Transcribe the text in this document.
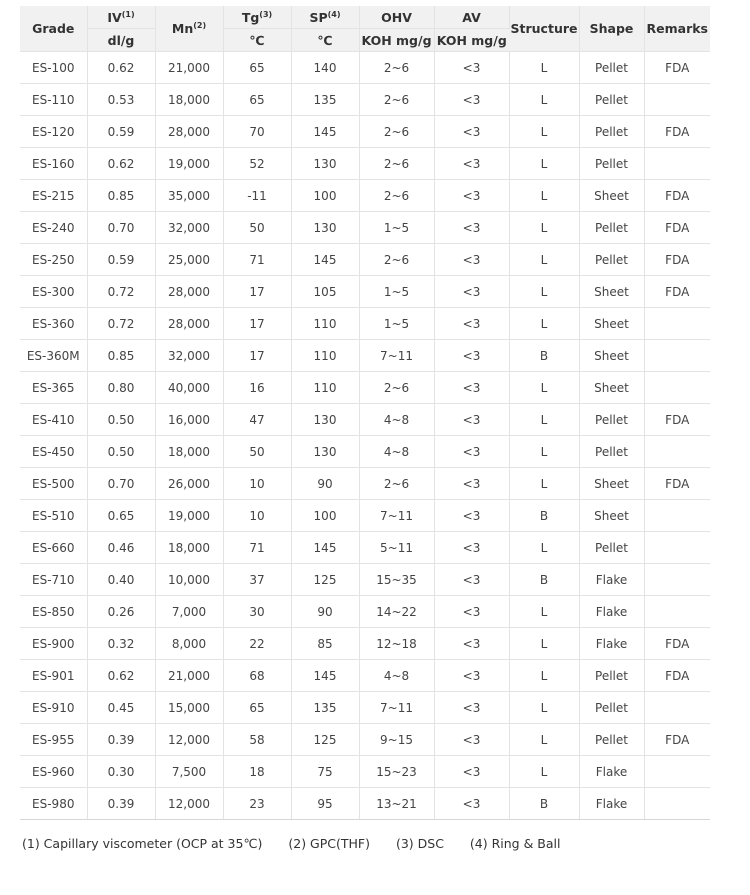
Grade	IV$^{(1)}$	Mn$^{(2)}$	Tg$^{(3)}$	SP$^{(4)}$	OHV	AV	Structure	Shape	Remarks
	dl/g		℃	℃	KOH mg/g	KOH mg/g			
ES-100	0.62	21,000	65	140	2~6	<3	L	Pellet	FDA
ES-110	0.53	18,000	65	135	2~6	<3	L	Pellet	
ES-120	0.59	28,000	70	145	2~6	<3	L	Pellet	FDA
ES-160	0.62	19,000	52	130	2~6	<3	L	Pellet	
ES-215	0.85	35,000	-11	100	2~6	<3	L	Sheet	FDA
ES-240	0.70	32,000	50	130	1~5	<3	L	Pellet	FDA
ES-250	0.59	25,000	71	145	2~6	<3	L	Pellet	FDA
ES-300	0.72	28,000	17	105	1~5	<3	L	Sheet	FDA
ES-360	0.72	28,000	17	110	1~5	<3	L	Sheet	
ES-360M	0.85	32,000	17	110	7~11	<3	B	Sheet	
ES-365	0.80	40,000	16	110	2~6	<3	L	Sheet	
ES-410	0.50	16,000	47	130	4~8	<3	L	Pellet	FDA
ES-450	0.50	18,000	50	130	4~8	<3	L	Pellet	
ES-500	0.70	26,000	10	90	2~6	<3	L	Sheet	FDA
ES-510	0.65	19,000	10	100	7~11	<3	B	Sheet	
ES-660	0.46	18,000	71	145	5~11	<3	L	Pellet	
ES-710	0.40	10,000	37	125	15~35	<3	B	Flake	
ES-850	0.26	7,000	30	90	14~22	<3	L	Flake	
ES-900	0.32	8,000	22	85	12~18	<3	L	Flake	FDA
ES-901	0.62	21,000	68	145	4~8	<3	L	Pellet	FDA
ES-910	0.45	15,000	65	135	7~11	<3	L	Pellet	
ES-955	0.39	12,000	58	125	9~15	<3	L	Pellet	FDA
ES-960	0.30	7,500	18	75	15~23	<3	L	Flake	
ES-980	0.39	12,000	23	95	13~21	<3	B	Flake	
(1) Capillary viscometer (OCP at 35℃) (2) GPC(THF) (3) DSC (4) Ring & Ball
